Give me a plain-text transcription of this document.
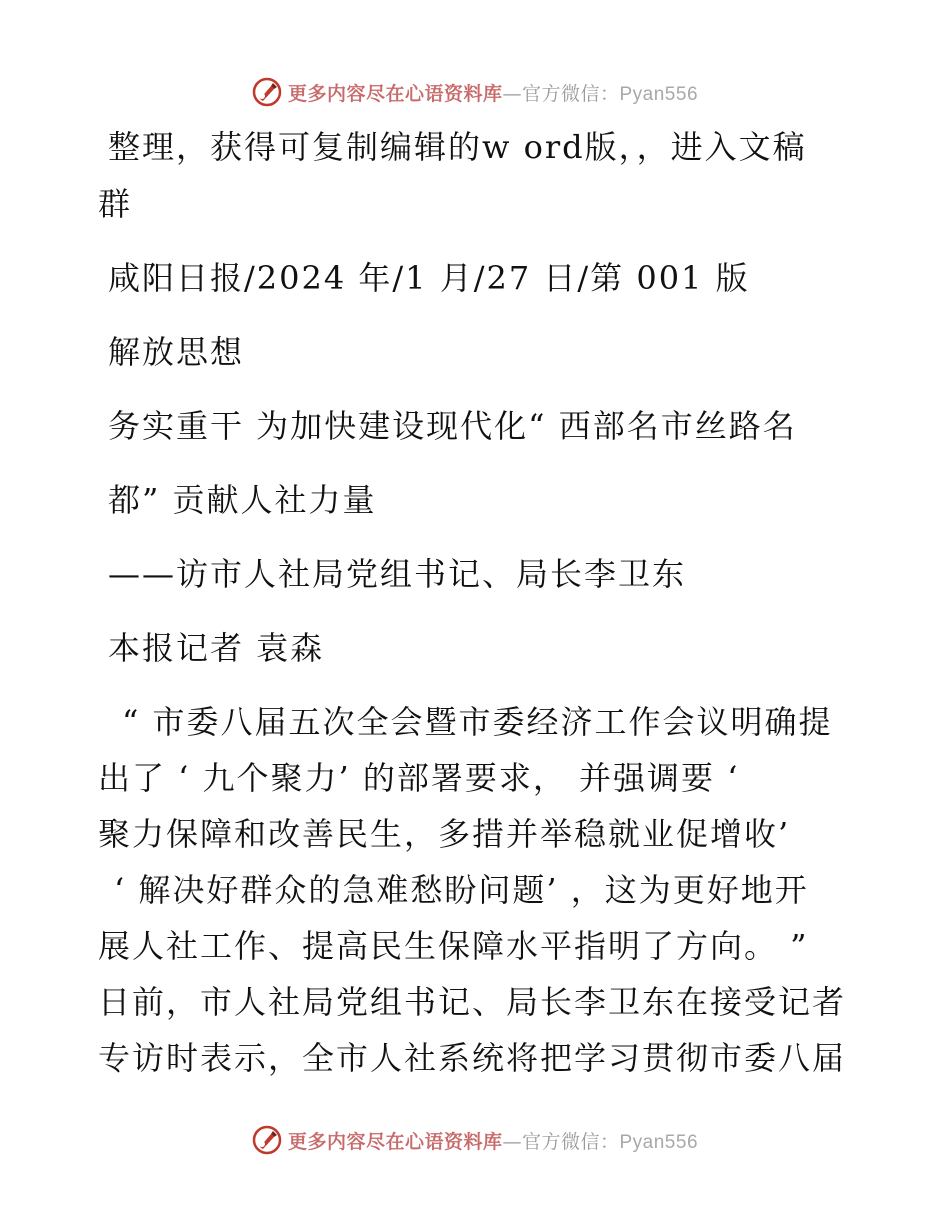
更多内容尽在心语资料库—官方微信：Pyan556
整理，获得可复制编辑的w ord版，，进入文稿
群
咸阳日报/2024 年/1 月/27 日/第 001 版
解放思想
务实重干 为加快建设现代化“ 西部名市丝路名
都” 贡献人社力量
——访市人社局党组书记、局长李卫东
本报记者 袁森
“ 市委八届五次全会暨市委经济工作会议明确提
出了 ‘ 九个聚力’ 的部署要求， 并强调要 ‘
聚力保障和改善民生，多措并举稳就业促增收’
‘ 解决好群众的急难愁盼问题’ ，这为更好地开
展人社工作、提高民生保障水平指明了方向。 ”
日前，市人社局党组书记、局长李卫东在接受记者
专访时表示，全市人社系统将把学习贯彻市委八届
更多内容尽在心语资料库—官方微信：Pyan556
